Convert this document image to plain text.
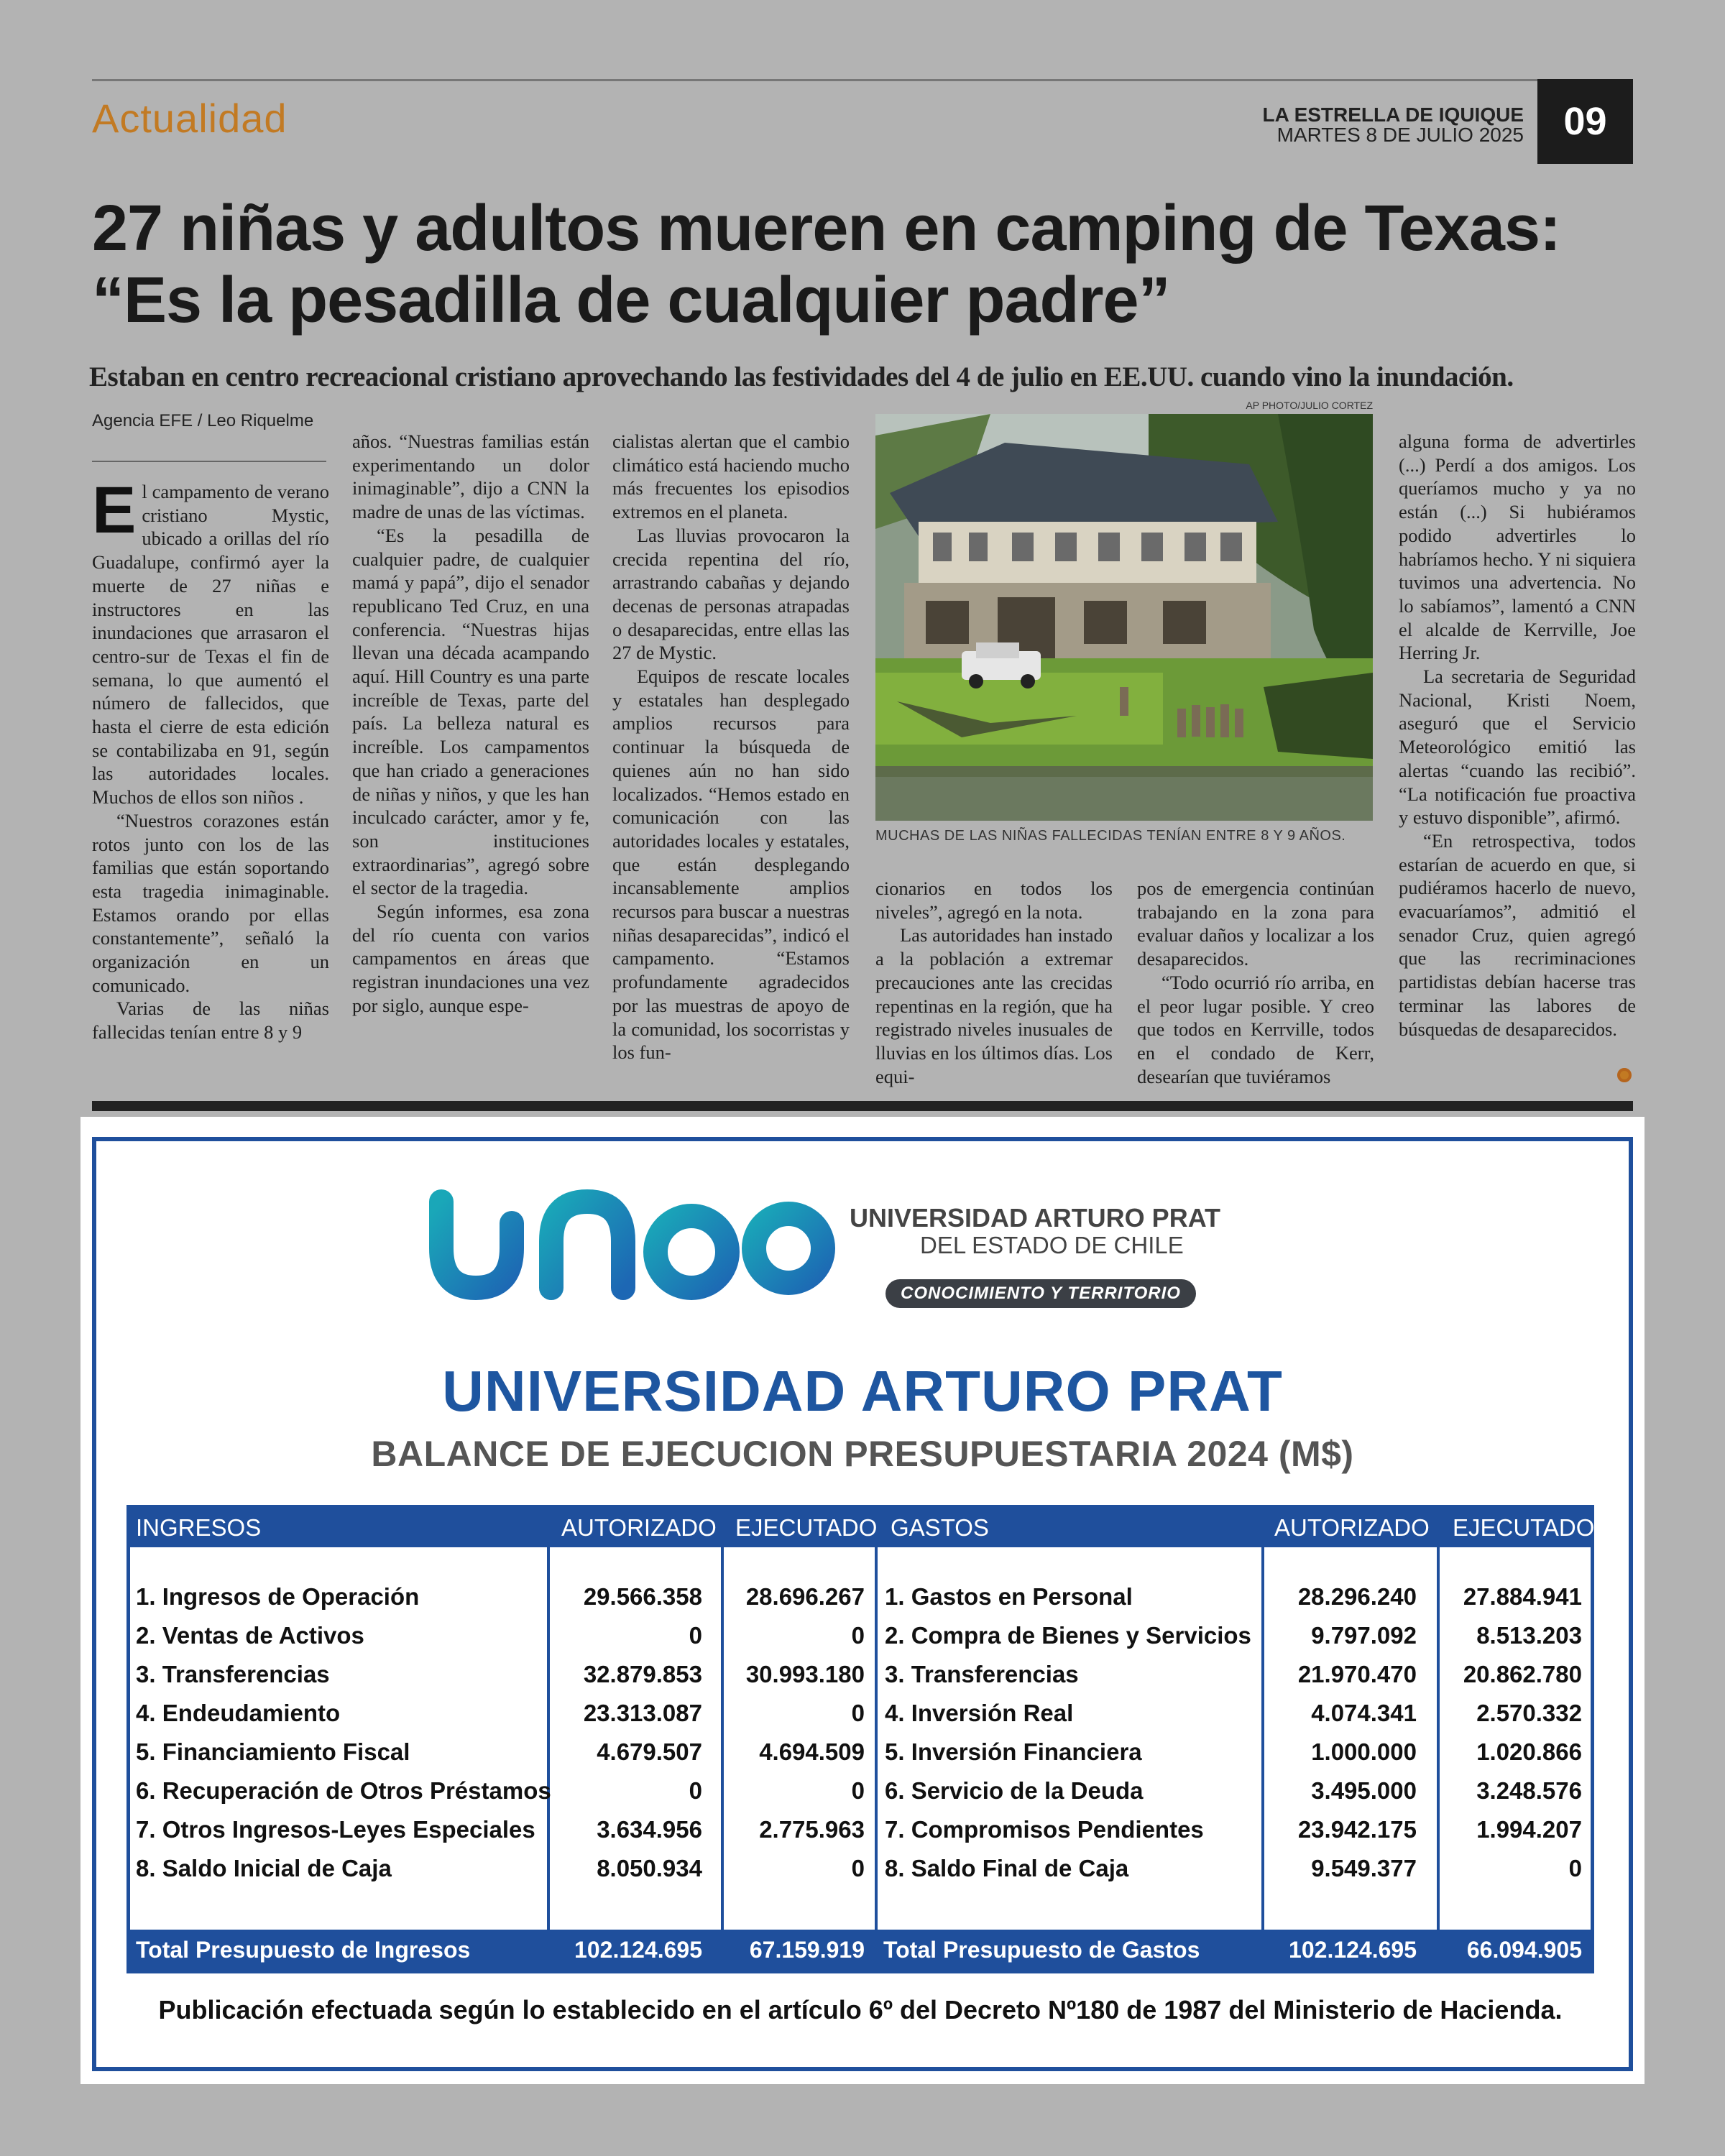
Actualidad	LA ESTRELLA DE IQUIQUE
MARTES 8 DE JULIO 2025	09
27 niñas y adultos mueren en camping de Texas:
“Es la pesadilla de cualquier padre”
Estaban en centro recreacional cristiano aprovechando las festividades del 4 de julio en EE.UU. cuando vino la inundación.
Agencia EFE / Leo Riquelme

El campamento de verano cristiano Mystic, ubicado a orillas del río Guadalupe, confirmó ayer la muerte de 27 niñas e instructores en las inundaciones que arrasaron el centro-sur de Texas el fin de semana, lo que aumentó el número de fallecidos, que hasta el cierre de esta edición se contabilizaba en 91, según las autoridades locales. Muchos de ellos son niños .

“Nuestros corazones están rotos junto con los de las familias que están soportando esta tragedia inimaginable. Estamos orando por ellas constantemente”, señaló la organización en un comunicado.

Varias de las niñas fallecidas tenían entre 8 y 9

años. “Nuestras familias están experimentando un dolor inimaginable”, dijo a CNN la madre de unas de las víctimas.

“Es la pesadilla de cualquier padre, de cualquier mamá y papá”, dijo el senador republicano Ted Cruz, en una conferencia. “Nuestras hijas llevan una década acampando aquí. Hill Country es una parte increíble de Texas, parte del país. La belleza natural es increíble. Los campamentos que han criado a generaciones de niñas y niños, y que les han inculcado carácter, amor y fe, son instituciones extraordinarias”, agregó sobre el sector de la tragedia.

Según informes, esa zona del río cuenta con varios campamentos en áreas que registran inundaciones una vez por siglo, aunque espe-

cialistas alertan que el cambio climático está haciendo mucho más frecuentes los episodios extremos en el planeta.

Las lluvias provocaron la crecida repentina del río, arrastrando cabañas y dejando decenas de personas atrapadas o desaparecidas, entre ellas las 27 de Mystic.

Equipos de rescate locales y estatales han desplegado amplios recursos para continuar la búsqueda de quienes aún no han sido localizados. “Hemos estado en comunicación con las autoridades locales y estatales, que están desplegando incansablemente amplios recursos para buscar a nuestras niñas desaparecidas”, indicó el campamento. “Estamos profundamente agradecidos por las muestras de apoyo de la comunidad, los socorristas y los fun-

AP PHOTO/JULIO CORTEZ
MUCHAS DE LAS NIÑAS FALLECIDAS TENÍAN ENTRE 8 Y 9 AÑOS.

cionarios en todos los niveles”, agregó en la nota.

Las autoridades han instado a la población a extremar precauciones ante las crecidas repentinas en la región, que ha registrado niveles inusuales de lluvias en los últimos días. Los equi-

pos de emergencia continúan trabajando en la zona para evaluar daños y localizar a los desaparecidos.

“Todo ocurrió río arriba, en el peor lugar posible. Y creo que todos en Kerrville, todos en el condado de Kerr, desearían que tuviéramos

alguna forma de advertirles (...) Perdí a dos amigos. Los queríamos mucho y ya no están (...) Si hubiéramos podido advertirles lo habríamos hecho. Y ni siquiera tuvimos una advertencia. No lo sabíamos”, lamentó a CNN el alcalde de Kerrville, Joe Herring Jr.

La secretaria de Seguridad Nacional, Kristi Noem, aseguró que el Servicio Meteorológico emitió las alertas “cuando las recibió”. “La notificación fue proactiva y estuvo disponible”, afirmó.

“En retrospectiva, todos estarían de acuerdo en que, si pudiéramos hacerlo de nuevo, evacuaríamos”, admitió el senador Cruz, quien agregó que las recriminaciones partidistas debían hacerse tras terminar las labores de búsquedas de desaparecidos.

unap
UNIVERSIDAD ARTURO PRAT
DEL ESTADO DE CHILE
CONOCIMIENTO Y TERRITORIO
UNIVERSIDAD ARTURO PRAT
BALANCE DE EJECUCION PRESUPUESTARIA 2024 (M$)
INGRESOS	AUTORIZADO EJECUTADO GASTOS	AUTORIZADO EJECUTADO
1. Ingresos de Operación	29.566.358 28.696.267 1. Gastos en Personal	28.296.240 27.884.941
2. Ventas de Activos	0	0 2. Compra de Bienes y Servicios	9.797.092	8.513.203
3. Transferencias	32.879.853 30.993.180 3. Transferencias	21.970.470 20.862.780
4. Endeudamiento	23.313.087	0 4. Inversión Real	4.074.341	2.570.332
5. Financiamiento Fiscal	4.679.507 4.694.509 5. Inversión Financiera	1.000.000	1.020.866
6. Recuperación de Otros Préstamos	0	0 6. Servicio de la Deuda	3.495.000	3.248.576
7. Otros Ingresos-Leyes Especiales	3.634.956 2.775.963 7. Compromisos Pendientes	23.942.175	1.994.207
8. Saldo Inicial de Caja	8.050.934	0 8. Saldo Final de Caja	9.549.377	0
Total Presupuesto de Ingresos	102.124.695 67.159.919 Total Presupuesto de Gastos	102.124.695 66.094.905
Publicación efectuada según lo establecido en el artículo 6º del Decreto Nº180 de 1987 del Ministerio de Hacienda.
